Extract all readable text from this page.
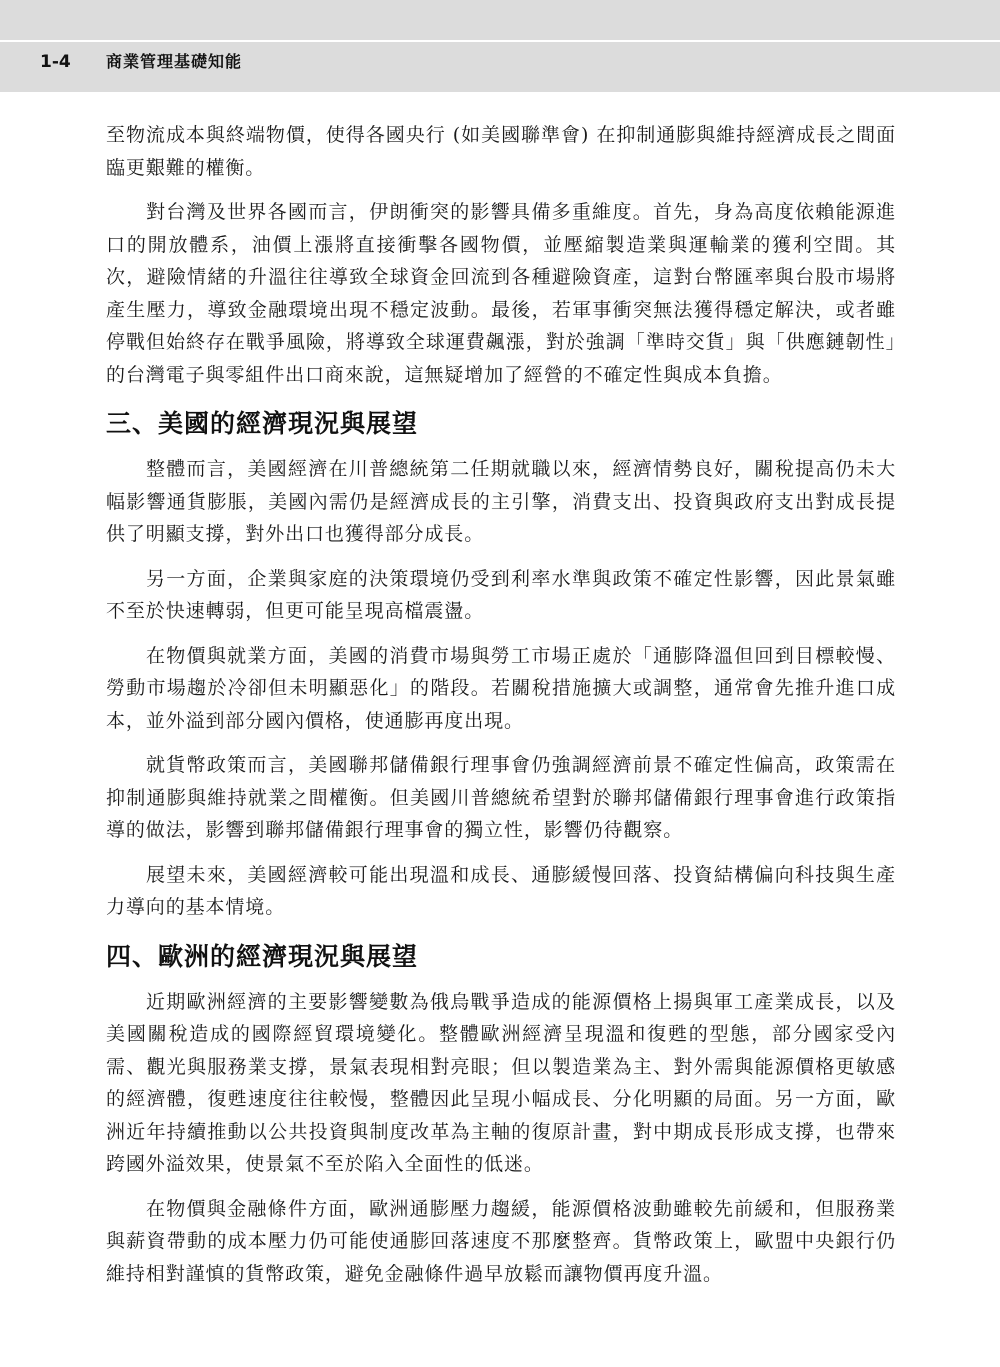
1-4 商業管理基礎知能

至物流成本與終端物價，使得各國央行 (如美國聯準會) 在抑制通膨與維持經濟成長之間面臨更艱難的權衡。

對台灣及世界各國而言，伊朗衝突的影響具備多重維度。首先，身為高度依賴能源進口的開放體系，油價上漲將直接衝擊各國物價，並壓縮製造業與運輸業的獲利空間。其次，避險情緒的升溫往往導致全球資金回流到各種避險資產，這對台幣匯率與台股市場將產生壓力，導致金融環境出現不穩定波動。最後，若軍事衝突無法獲得穩定解決，或者雖停戰但始終存在戰爭風險，將導致全球運費飆漲，對於強調「準時交貨」與「供應鏈韌性」的台灣電子與零組件出口商來說，這無疑增加了經營的不確定性與成本負擔。

三、美國的經濟現況與展望

整體而言，美國經濟在川普總統第二任期就職以來，經濟情勢良好，關稅提高仍未大幅影響通貨膨脹，美國內需仍是經濟成長的主引擎，消費支出、投資與政府支出對成長提供了明顯支撐，對外出口也獲得部分成長。

另一方面，企業與家庭的決策環境仍受到利率水準與政策不確定性影響，因此景氣雖不至於快速轉弱，但更可能呈現高檔震盪。

在物價與就業方面，美國的消費市場與勞工市場正處於「通膨降溫但回到目標較慢、勞動市場趨於冷卻但未明顯惡化」的階段。若關稅措施擴大或調整，通常會先推升進口成本，並外溢到部分國內價格，使通膨再度出現。

就貨幣政策而言，美國聯邦儲備銀行理事會仍強調經濟前景不確定性偏高，政策需在抑制通膨與維持就業之間權衡。但美國川普總統希望對於聯邦儲備銀行理事會進行政策指導的做法，影響到聯邦儲備銀行理事會的獨立性，影響仍待觀察。

展望未來，美國經濟較可能出現溫和成長、通膨緩慢回落、投資結構偏向科技與生產力導向的基本情境。

四、歐洲的經濟現況與展望

近期歐洲經濟的主要影響變數為俄烏戰爭造成的能源價格上揚與軍工產業成長，以及美國關稅造成的國際經貿環境變化。整體歐洲經濟呈現溫和復甦的型態，部分國家受內需、觀光與服務業支撐，景氣表現相對亮眼；但以製造業為主、對外需與能源價格更敏感的經濟體，復甦速度往往較慢，整體因此呈現小幅成長、分化明顯的局面。另一方面，歐洲近年持續推動以公共投資與制度改革為主軸的復原計畫，對中期成長形成支撐，也帶來跨國外溢效果，使景氣不至於陷入全面性的低迷。

在物價與金融條件方面，歐洲通膨壓力趨緩，能源價格波動雖較先前緩和，但服務業與薪資帶動的成本壓力仍可能使通膨回落速度不那麼整齊。貨幣政策上，歐盟中央銀行仍維持相對謹慎的貨幣政策，避免金融條件過早放鬆而讓物價再度升溫。
